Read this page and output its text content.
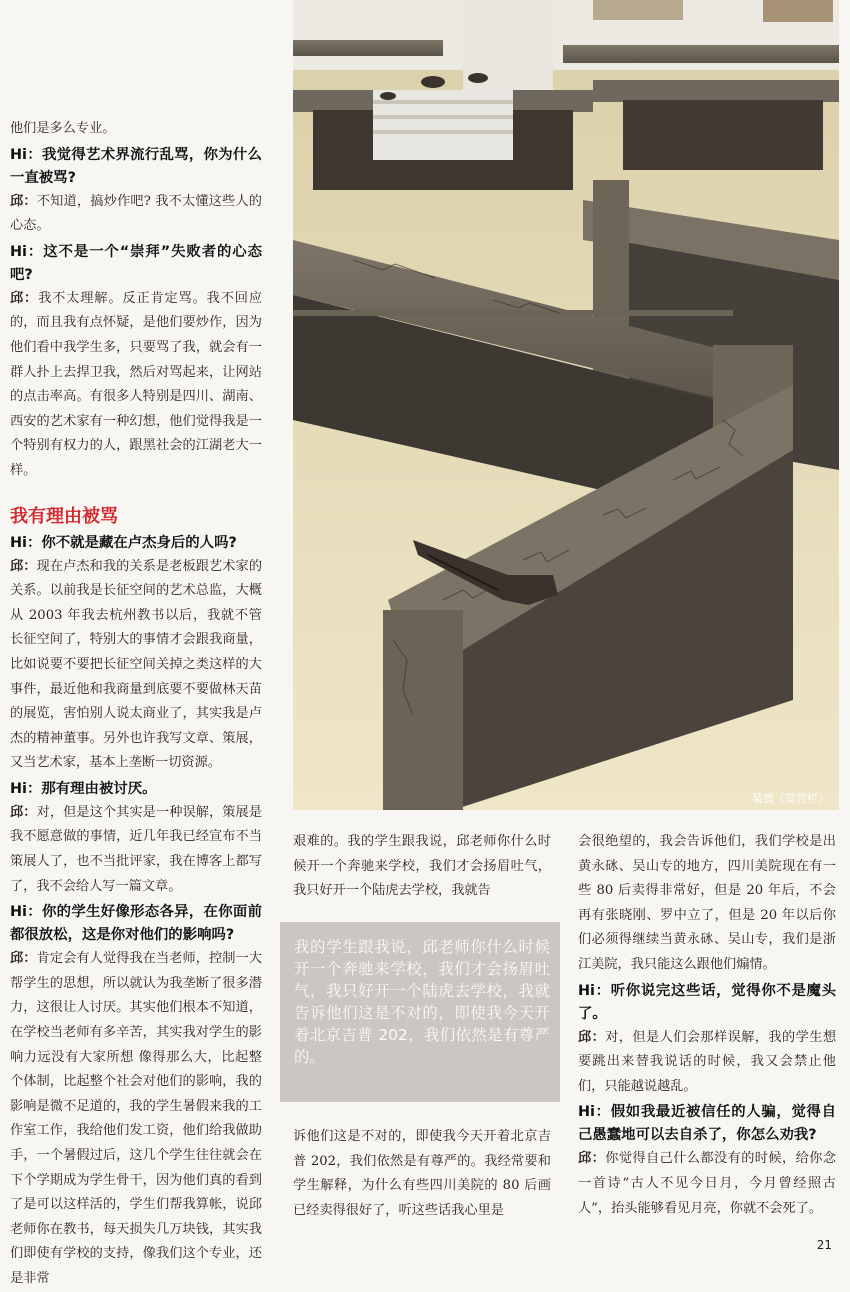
装置《莫凭栏》

他们是多么专业。

Hi：我觉得艺术界流行乱骂，你为什么一直被骂?

邱：不知道，搞炒作吧? 我不太懂这些人的心态。

Hi：这不是一个“崇拜”失败者的心态吧?

邱：我不太理解。反正肯定骂。我不回应的，而且我有点怀疑，是他们要炒作，因为他们看中我学生多，只要骂了我，就会有一群人扑上去捍卫我，然后对骂起来，让网站的点击率高。有很多人特别是四川、湖南、西安的艺术家有一种幻想，他们觉得我是一个特别有权力的人，跟黑社会的江湖老大一样。

我有理由被骂

Hi：你不就是藏在卢杰身后的人吗?

邱：现在卢杰和我的关系是老板跟艺术家的关系。以前我是长征空间的艺术总监，大概从 2003 年我去杭州教书以后，我就不管长征空间了，特别大的事情才会跟我商量，比如说要不要把长征空间关掉之类这样的大事件，最近他和我商量到底要不要做林天苗的展览，害怕别人说太商业了，其实我是卢杰的精神董事。另外也许我写文章、策展，又当艺术家，基本上垄断一切资源。

Hi：那有理由被讨厌。

邱：对，但是这个其实是一种误解，策展是我不愿意做的事情，近几年我已经宣布不当策展人了，也不当批评家，我在博客上都写了，我不会给人写一篇文章。

Hi：你的学生好像形态各异，在你面前都很放松，这是你对他们的影响吗?

邱：肯定会有人觉得我在当老师，控制一大帮学生的思想，所以就认为我垄断了很多潜力，这很让人讨厌。其实他们根本不知道，在学校当老师有多辛苦，其实我对学生的影响力远没有大家所想 像得那么大，比起整个体制，比起整个社会对他们的影响，我的影响是微不足道的，我的学生暑假来我的工作室工作，我给他们发工资，他们给我做助手，一个暑假过后，这几个学生往往就会在下个学期成为学生骨干，因为他们真的看到了是可以这样活的，学生们帮我算帐，说邱老师你在教书，每天损失几万块钱，其实我们即使有学校的支持，像我们这个专业，还是非常

艰难的。我的学生跟我说，邱老师你什么时候开一个奔驰来学校，我们才会扬眉吐气，我只好开一个陆虎去学校，我就告

我的学生跟我说，邱老师你什么时候开一个奔驰来学校，我们才会扬眉吐气，我只好开一个陆虎去学校，我就告诉他们这是不对的，即使我今天开着北京吉普 202，我们依然是有尊严的。

诉他们这是不对的，即使我今天开着北京吉普 202，我们依然是有尊严的。我经常要和学生解释，为什么有些四川美院的 80 后画已经卖得很好了，听这些话我心里是

会很绝望的，我会告诉他们，我们学校是出黄永砯、吴山专的地方，四川美院现在有一些 80 后卖得非常好，但是 20 年后，不会再有张晓刚、罗中立了，但是 20 年以后你们必须得继续当黄永砯、吴山专，我们是浙江美院，我只能这么跟他们煽情。

Hi：听你说完这些话，觉得你不是魔头了。

邱：对，但是人们会那样误解，我的学生想要跳出来替我说话的时候，我又会禁止他们，只能越说越乱。

Hi：假如我最近被信任的人骗，觉得自己愚蠢地可以去自杀了，你怎么劝我?

邱：你觉得自己什么都没有的时候，给你念一首诗“古人不见今日月，今月曾经照古人”，抬头能够看见月亮，你就不会死了。

21
